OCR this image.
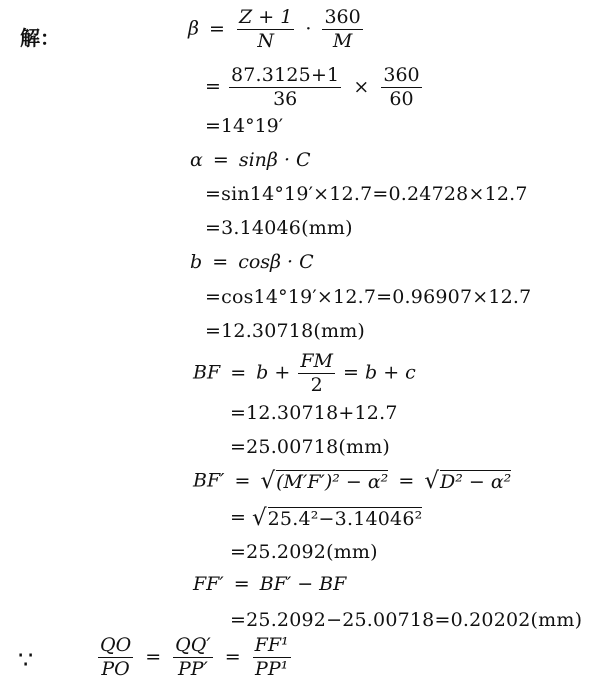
解：	$\beta = \frac{Z + 1}{N} \cdot \frac{360}{M}$
= $\frac{87.3125+1}{36} \times \frac{360}{60}$
=14°19′
α = sinβ · C
=sin14°19′×12.7=0.24728×12.7
=3.14046(mm)
b = cosβ · C
=cos14°19′×12.7=0.96907×12.7
=12.30718(mm)
BF = $b + \frac{FM}{2} = b + c$
=12.30718+12.7
=25.00718(mm)
BF′ = √ (M′F′)² − α² = √ D² − α²
= √ 25.4²−3.14046²
=25.2092(mm)
FF′ = BF′ − BF
=25.2092−25.00718=0.20202(mm)
∵	$\frac{QO}{PO} = \frac{QQ'}{PP'} = \frac{\text{FF¹}}{\text{PP¹}}$
